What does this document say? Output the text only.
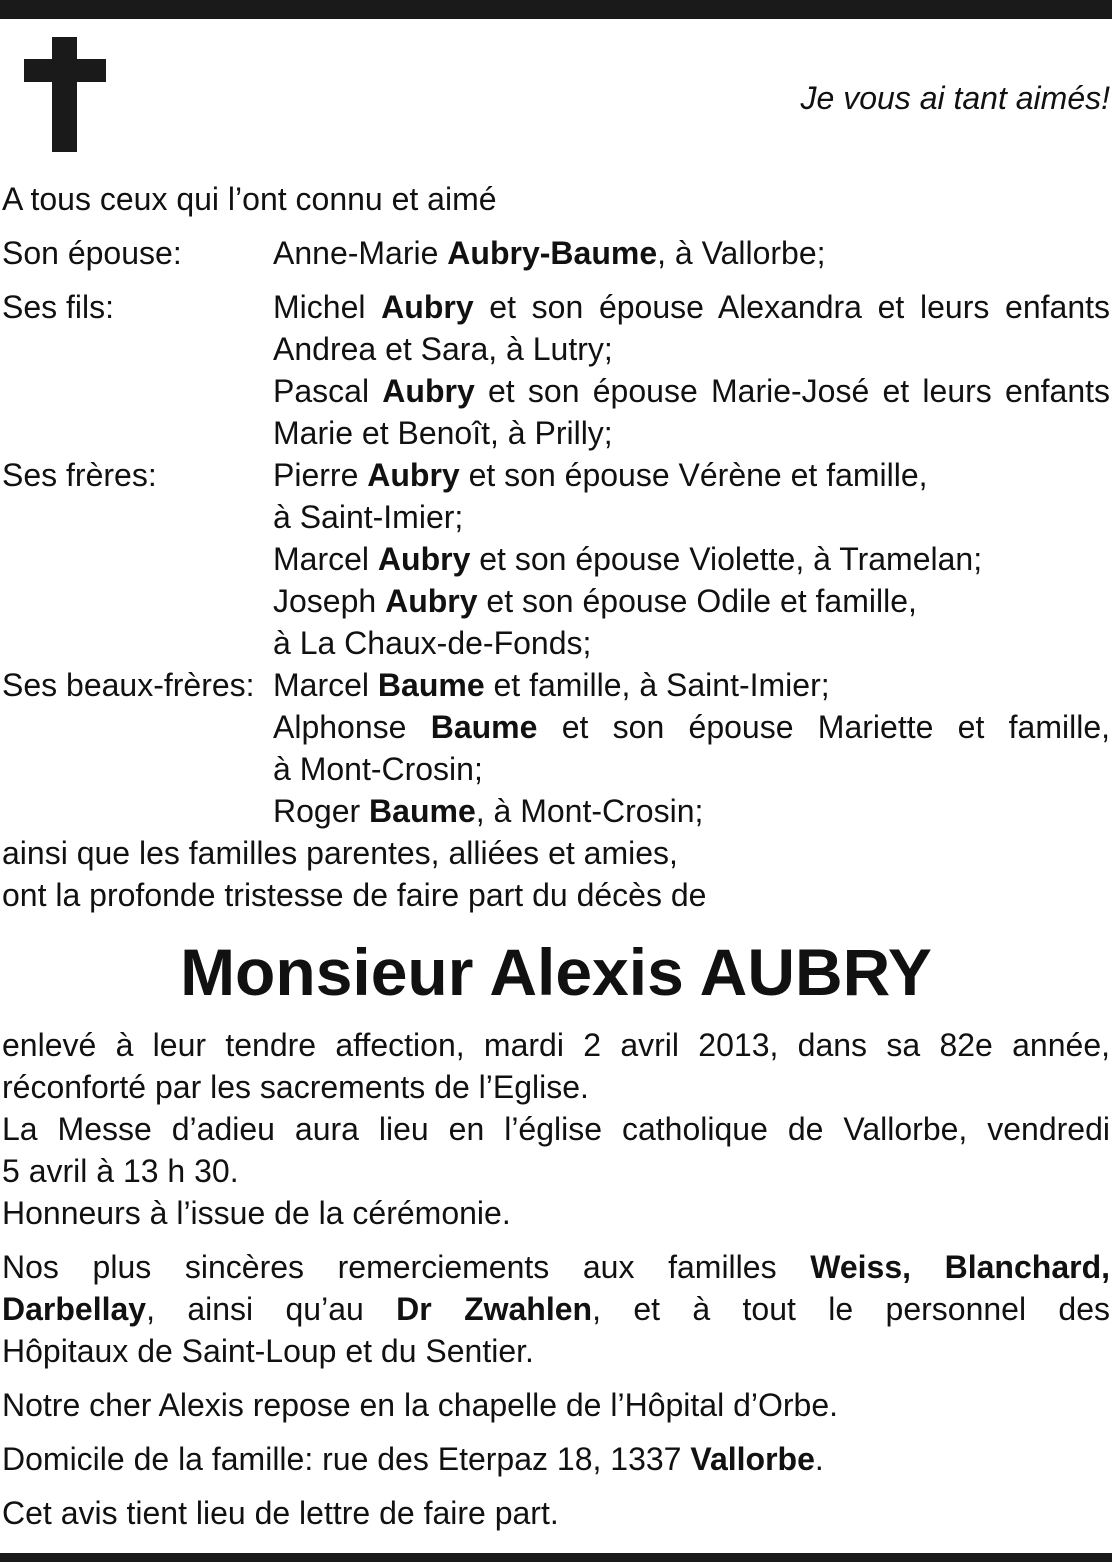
Je vous ai tant aimés!
A tous ceux qui l’ont connu et aimé
Son épouse:	Anne-Marie Aubry-Baume, à Vallorbe;
Ses fils:	Michel Aubry et son épouse Alexandra et leurs enfants
Andrea et Sara, à Lutry;
Pascal Aubry et son épouse Marie-José et leurs enfants
Marie et Benoît, à Prilly;
Ses frères:	Pierre Aubry et son épouse Vérène et famille,
à Saint-Imier;
Marcel Aubry et son épouse Violette, à Tramelan;
Joseph Aubry et son épouse Odile et famille,
à La Chaux-de-Fonds;
Ses beaux-frères: Marcel Baume et famille, à Saint-Imier;
Alphonse Baume et son épouse Mariette et famille,
à Mont-Crosin;
Roger Baume, à Mont-Crosin;
ainsi que les familles parentes, alliées et amies,
ont la profonde tristesse de faire part du décès de
Monsieur Alexis AUBRY
enlevé à leur tendre affection, mardi 2 avril 2013, dans sa 82e année,
réconforté par les sacrements de l’Eglise.
La Messe d’adieu aura lieu en l’église catholique de Vallorbe, vendredi
5 avril à 13 h 30.
Honneurs à l’issue de la cérémonie.
Nos plus sincères remerciements aux familles Weiss, Blanchard,
Darbellay, ainsi qu’au Dr Zwahlen, et à tout le personnel des
Hôpitaux de Saint-Loup et du Sentier.
Notre cher Alexis repose en la chapelle de l’Hôpital d’Orbe.
Domicile de la famille: rue des Eterpaz 18, 1337 Vallorbe.
Cet avis tient lieu de lettre de faire part.
